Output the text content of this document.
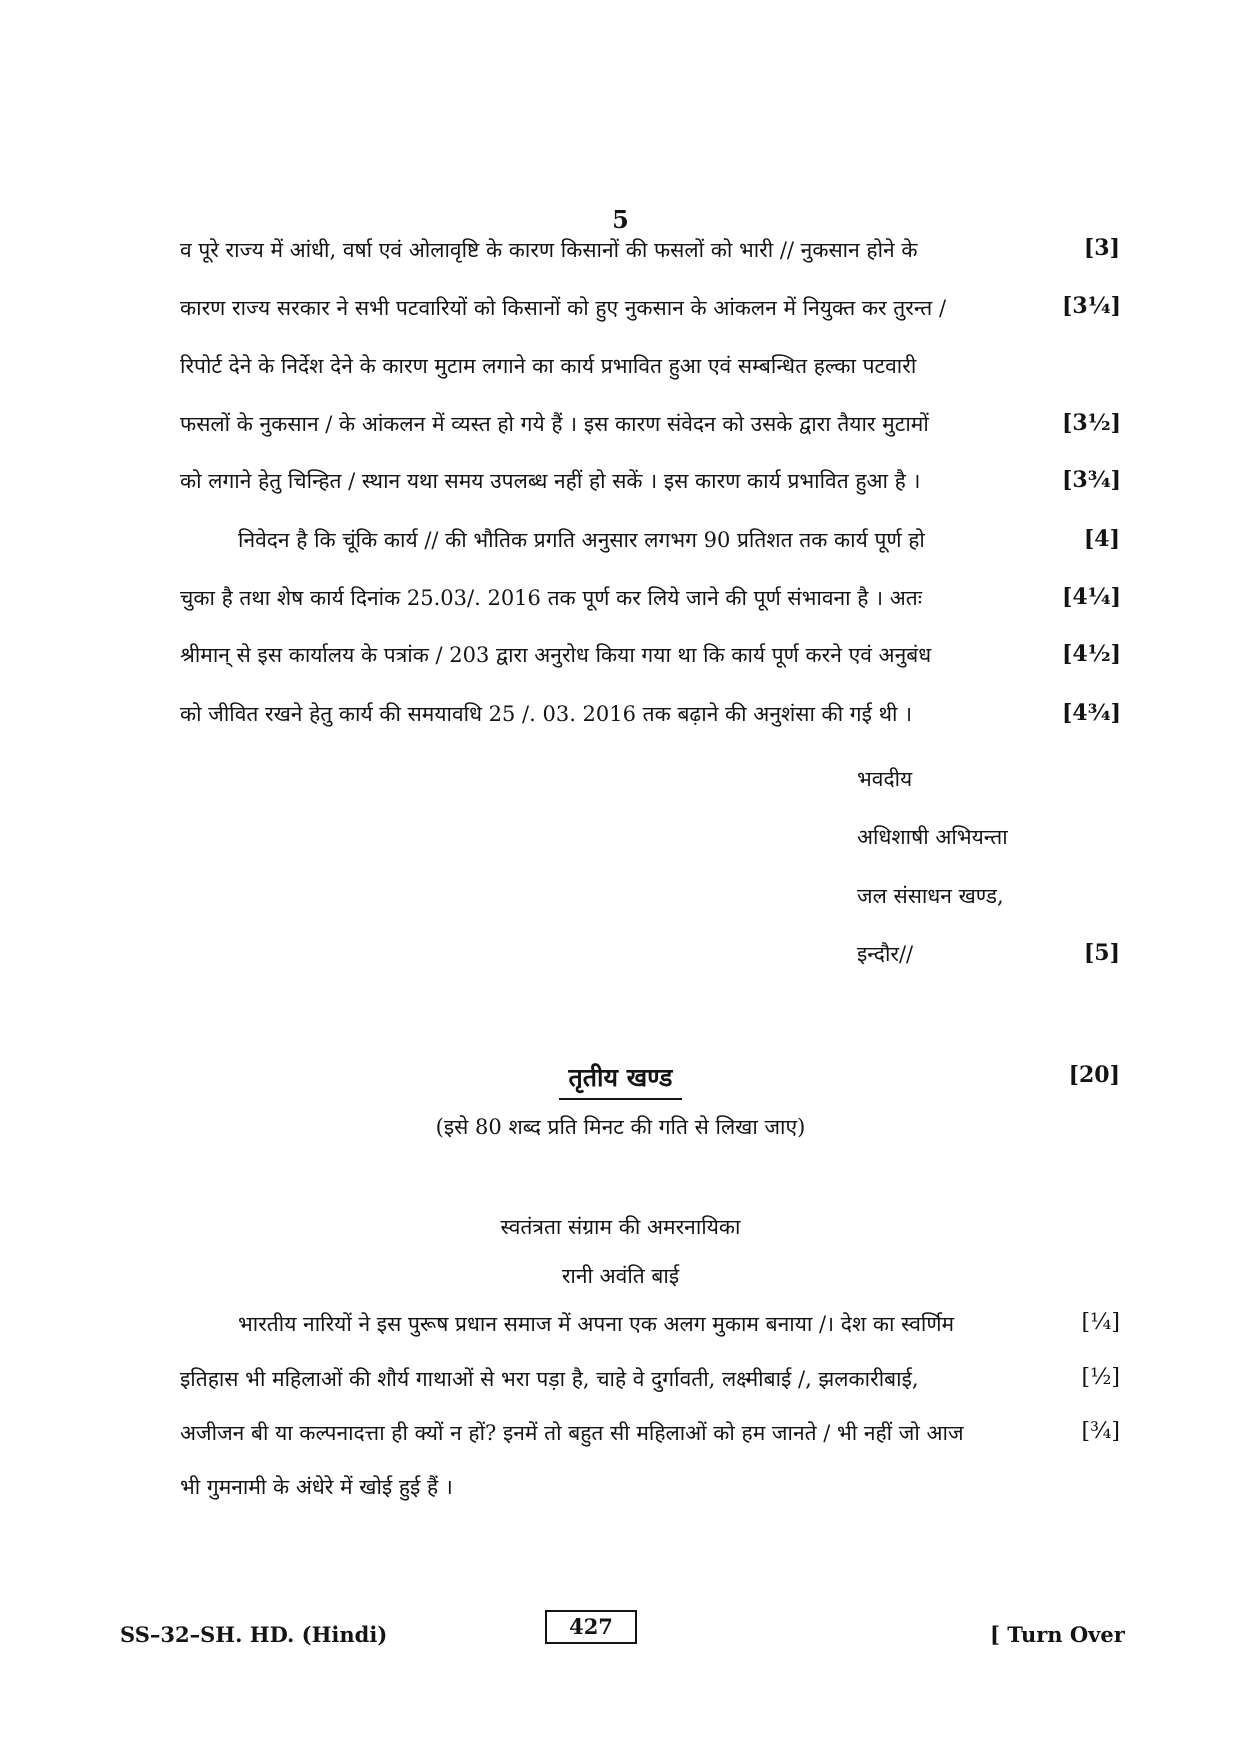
5
व पूरे राज्य में आंधी, वर्षा एवं ओलावृष्टि के कारण किसानों की फसलों को भारी // नुकसान होने के	[3]
कारण राज्य सरकार ने सभी पटवारियों को किसानों को हुए नुकसान के आंकलन में नियुक्त कर तुरन्त /	[3¼]
रिपोर्ट देने के निर्देश देने के कारण मुटाम लगाने का कार्य प्रभावित हुआ एवं सम्बन्धित हल्का पटवारी
फसलों के नुकसान / के आंकलन में व्यस्त हो गये हैं । इस कारण संवेदन को उसके द्वारा तैयार मुटामों	[3½]
को लगाने हेतु चिन्हित / स्थान यथा समय उपलब्ध नहीं हो सकें । इस कारण कार्य प्रभावित हुआ है ।	[3¾]
निवेदन है कि चूंकि कार्य // की भौतिक प्रगति अनुसार लगभग 90 प्रतिशत तक कार्य पूर्ण हो	[4]
चुका है तथा शेष कार्य दिनांक 25.03/. 2016 तक पूर्ण कर लिये जाने की पूर्ण संभावना है । अतः	[4¼]
श्रीमान् से इस कार्यालय के पत्रांक / 203 द्वारा अनुरोध किया गया था कि कार्य पूर्ण करने एवं अनुबंध	[4½]
को जीवित रखने हेतु कार्य की समयावधि 25 /. 03. 2016 तक बढ़ाने की अनुशंसा की गई थी ।	[4¾]
भवदीय
अधिशाषी अभियन्ता
जल संसाधन खण्ड,
इन्दौर//	[5]
तृतीय खण्ड	[20]
(इसे 80 शब्द प्रति मिनट की गति से लिखा जाए)
स्वतंत्रता संग्राम की अमरनायिका
रानी अवंति बाई
भारतीय नारियों ने इस पुरूष प्रधान समाज में अपना एक अलग मुकाम बनाया /। देश का स्वर्णिम	[¼]
इतिहास भी महिलाओं की शौर्य गाथाओं से भरा पड़ा है, चाहे वे दुर्गावती, लक्ष्मीबाई /, झलकारीबाई,	[½]
अजीजन बी या कल्पनादत्ता ही क्यों न हों? इनमें तो बहुत सी महिलाओं को हम जानते / भी नहीं जो आज	[¾]
भी गुमनामी के अंधेरे में खोई हुई हैं ।
SS–32–SH. HD. (Hindi)	427	[ Turn Over
